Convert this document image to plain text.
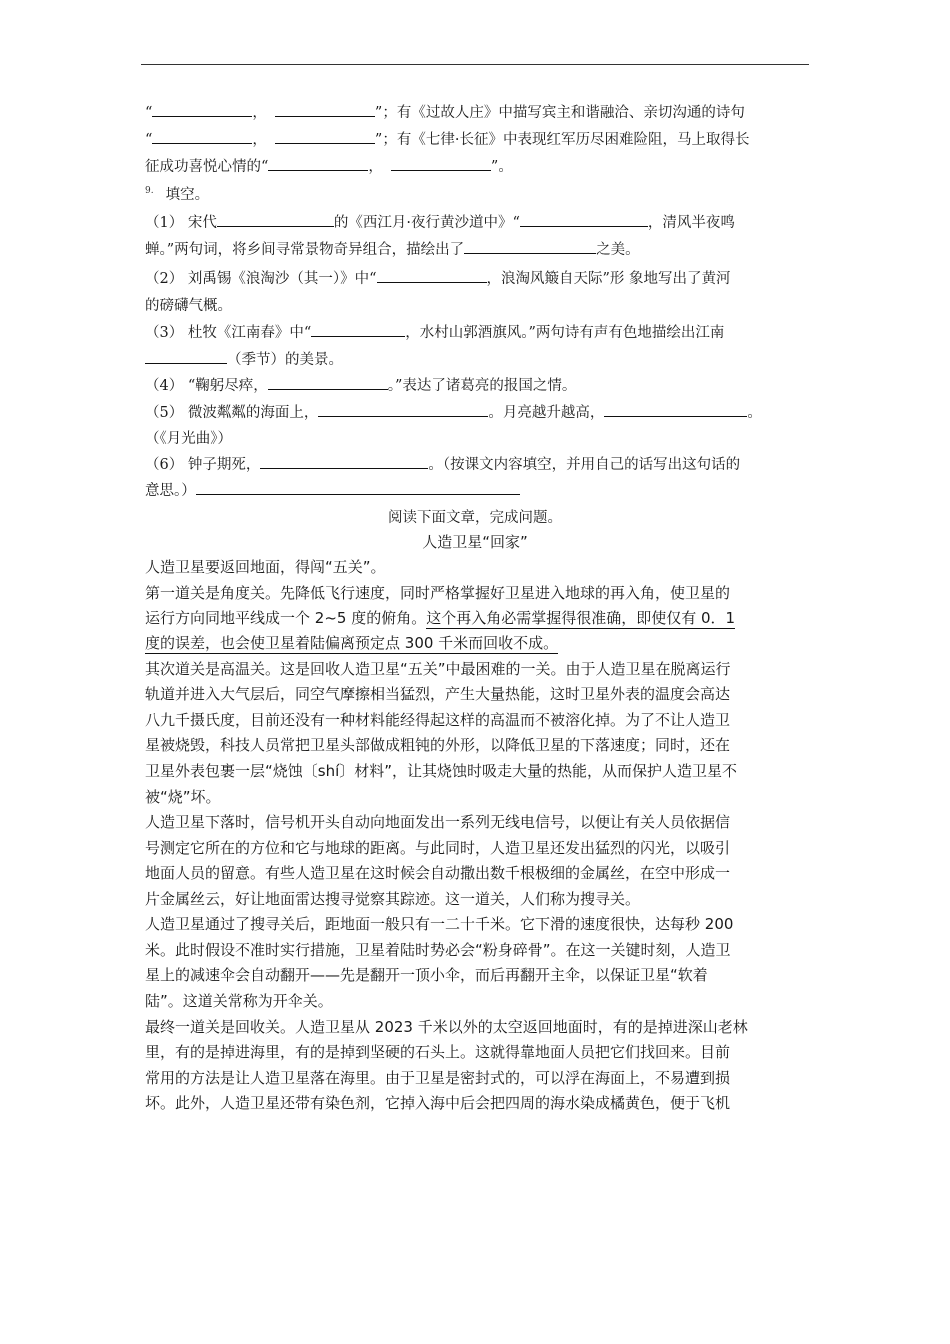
“	，	”；有《过故人庄》中描写宾主和谐融洽、亲切沟通的诗句
“	，	”；有《七律·长征》中表现红军历尽困难险阻，马上取得长
征成功喜悦心情的“	，	”。
$^{9.}$ 填空。
（1） 宋代	的《西江月·夜行黄沙道中》“	，清风半夜鸣
蝉。”两句词，将乡间寻常景物奇异组合，描绘出了	之美。
（2） 刘禹锡《浪淘沙（其一）》中“	，浪淘风簸自天际”形 象地写出了黄河
的磅礴气概。
（3） 杜牧《江南春》中“	，水村山郭酒旗风。”两句诗有声有色地描绘出江南
（季节）的美景。
（4） “鞠躬尽瘁，	。”表达了诸葛亮的报国之情。
（5） 微波粼粼的海面上，	。月亮越升越高，	。
（《月光曲》）
（6） 钟子期死，	。（按课文内容填空，并用自己的话写出这句话的
意思。）
阅读下面文章，完成问题。
人造卫星“回家”
人造卫星要返回地面，得闯“五关”。
第一道关是角度关。先降低飞行速度，同时严格掌握好卫星进入地球的再入角，使卫星的
运行方向同地平线成一个 2~5 度的俯角。这个再入角必需掌握得很准确，即使仅有 0．1
度的误差，也会使卫星着陆偏离预定点 300 千米而回收不成。
其次道关是高温关。这是回收人造卫星“五关”中最困难的一关。由于人造卫星在脱离运行
轨道并进入大气层后，同空气摩擦相当猛烈，产生大量热能，这时卫星外表的温度会高达
八九千摄氏度，目前还没有一种材料能经得起这样的高温而不被溶化掉。为了不让人造卫
星被烧毁，科技人员常把卫星头部做成粗钝的外形，以降低卫星的下落速度；同时，还在
卫星外表包裹一层“烧蚀〔shí〕材料”，让其烧蚀时吸走大量的热能，从而保护人造卫星不
被“烧”坏。
人造卫星下落时，信号机开头自动向地面发出一系列无线电信号，以便让有关人员依据信
号测定它所在的方位和它与地球的距离。与此同时，人造卫星还发出猛烈的闪光，以吸引
地面人员的留意。有些人造卫星在这时候会自动撒出数千根极细的金属丝，在空中形成一
片金属丝云，好让地面雷达搜寻觉察其踪迹。这一道关，人们称为搜寻关。
人造卫星通过了搜寻关后，距地面一般只有一二十千米。它下滑的速度很快，达每秒 200
米。此时假设不准时实行措施，卫星着陆时势必会“粉身碎骨”。在这一关键时刻，人造卫
星上的减速伞会自动翻开——先是翻开一顶小伞，而后再翻开主伞，以保证卫星“软着
陆”。这道关常称为开伞关。
最终一道关是回收关。人造卫星从 2023 千米以外的太空返回地面时，有的是掉进深山老林
里，有的是掉进海里，有的是掉到坚硬的石头上。这就得靠地面人员把它们找回来。目前
常用的方法是让人造卫星落在海里。由于卫星是密封式的，可以浮在海面上，不易遭到损
坏。此外，人造卫星还带有染色剂，它掉入海中后会把四周的海水染成橘黄色，便于飞机
